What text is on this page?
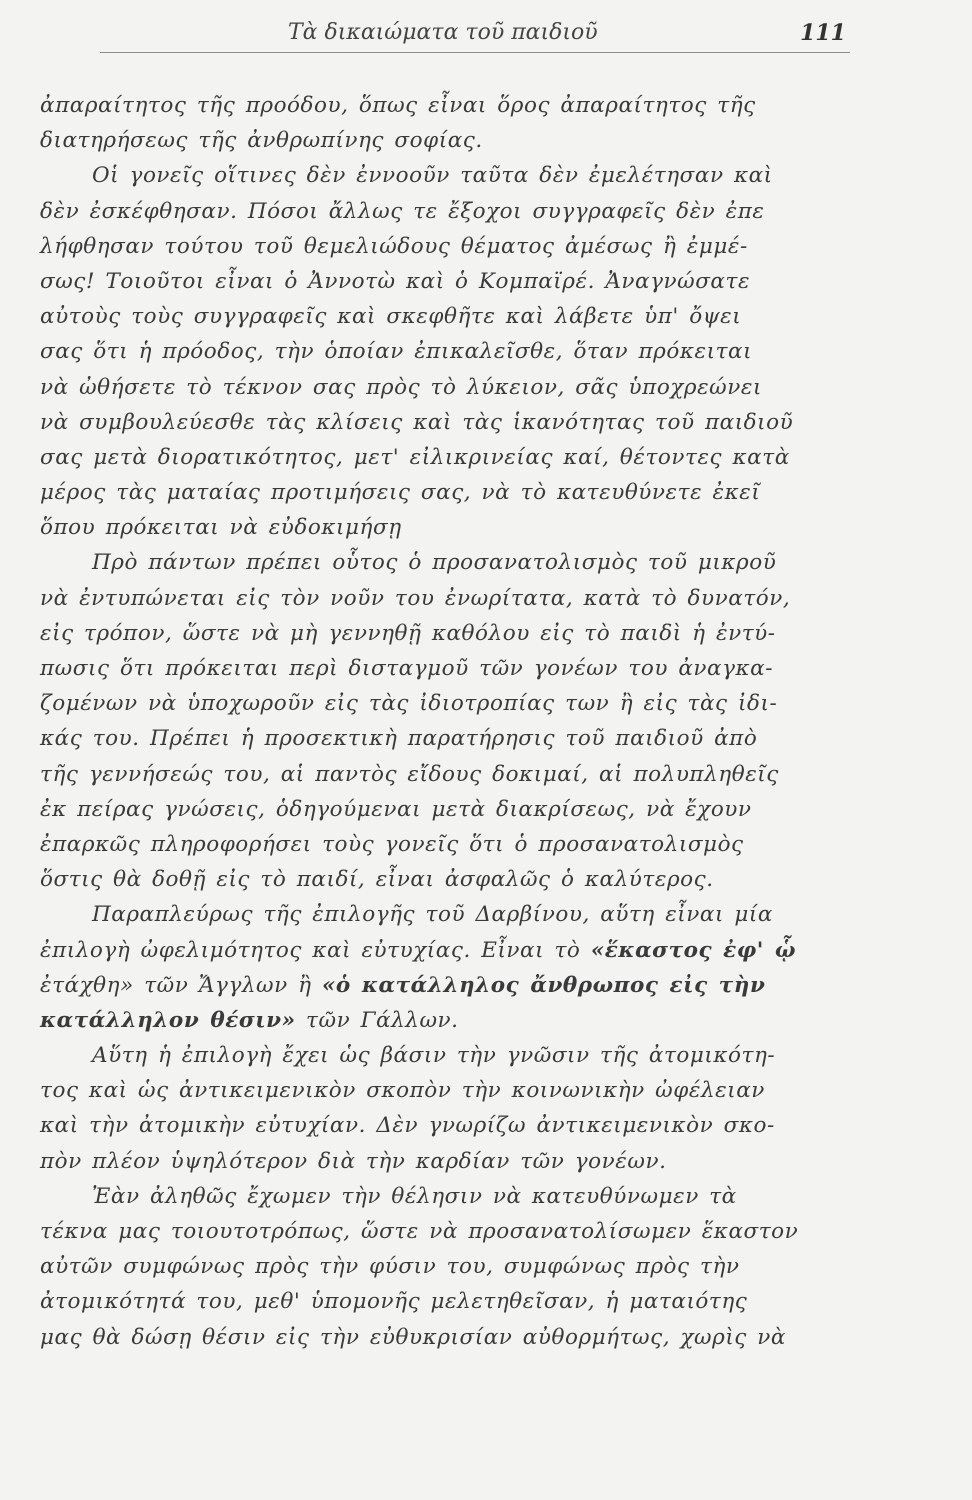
Τὰ δικαιώματα τοῦ παιδιοῦ	111
ἀπαραίτητος τῆς προόδου, ὅπως εἶναι ὅρος ἀπαραίτητος τῆς
διατηρήσεως τῆς ἀνθρωπίνης σοφίας.
Οἱ γονεῖς οἵτινες δὲν ἐννοοῦν ταῦτα δὲν ἐμελέτησαν καὶ
δὲν ἐσκέφθησαν. Πόσοι ἄλλως τε ἔξοχοι συγγραφεῖς δὲν ἐπε
λήφθησαν τούτου τοῦ θεμελιώδους θέματος ἀμέσως ἢ ἐμμέ-
σως! Τοιοῦτοι εἶναι ὁ Ἀννοτὼ καὶ ὁ Κομπαϊρέ. Ἀναγνώσατε
αὐτοὺς τοὺς συγγραφεῖς καὶ σκεφθῆτε καὶ λάβετε ὑπ' ὄψει
σας ὅτι ἡ πρόοδος, τὴν ὁποίαν ἐπικαλεῖσθε, ὅταν πρόκειται
νὰ ὠθήσετε τὸ τέκνον σας πρὸς τὸ λύκειον, σᾶς ὑποχρεώνει
νὰ συμβουλεύεσθε τὰς κλίσεις καὶ τὰς ἱκανότητας τοῦ παιδιοῦ
σας μετὰ διορατικότητος, μετ' εἰλικρινείας καί, θέτοντες κατὰ
μέρος τὰς ματαίας προτιμήσεις σας, νὰ τὸ κατευθύνετε ἐκεῖ
ὅπου πρόκειται νὰ εὐδοκιμήσῃ
Πρὸ πάντων πρέπει οὗτος ὁ προσανατολισμὸς τοῦ μικροῦ
νὰ ἐντυπώνεται εἰς τὸν νοῦν του ἐνωρίτατα, κατὰ τὸ δυνατόν,
εἰς τρόπον, ὥστε νὰ μὴ γεννηθῇ καθόλου εἰς τὸ παιδὶ ἡ ἐντύ-
πωσις ὅτι πρόκειται περὶ δισταγμοῦ τῶν γονέων του ἀναγκα-
ζομένων νὰ ὑποχωροῦν εἰς τὰς ἰδιοτροπίας των ἢ εἰς τὰς ἰδι-
κάς του. Πρέπει ἡ προσεκτικὴ παρατήρησις τοῦ παιδιοῦ ἀπὸ
τῆς γεννήσεώς του, αἱ παντὸς εἴδους δοκιμαί, αἱ πολυπληθεῖς
ἐκ πείρας γνώσεις, ὁδηγούμεναι μετὰ διακρίσεως, νὰ ἔχουν
ἐπαρκῶς πληροφορήσει τοὺς γονεῖς ὅτι ὁ προσανατολισμὸς
ὅστις θὰ δοθῇ εἰς τὸ παιδί, εἶναι ἀσφαλῶς ὁ καλύτερος.
Παραπλεύρως τῆς ἐπιλογῆς τοῦ Δαρβίνου, αὕτη εἶναι μία
ἐπιλογὴ ὠφελιμότητος καὶ εὐτυχίας. Εἶναι τὸ «ἕκαστος ἐφ' ᾧ
ἐτάχθη» τῶν Ἄγγλων ἢ «ὁ κατάλληλος ἄνθρωπος εἰς τὴν
κατάλληλον θέσιν» τῶν Γάλλων.
Αὕτη ἡ ἐπιλογὴ ἔχει ὡς βάσιν τὴν γνῶσιν τῆς ἀτομικότη-
τος καὶ ὡς ἀντικειμενικὸν σκοπὸν τὴν κοινωνικὴν ὠφέλειαν
καὶ τὴν ἀτομικὴν εὐτυχίαν. Δὲν γνωρίζω ἀντικειμενικὸν σκο-
πὸν πλέον ὑψηλότερον διὰ τὴν καρδίαν τῶν γονέων.
Ἐὰν ἀληθῶς ἔχωμεν τὴν θέλησιν νὰ κατευθύνωμεν τὰ
τέκνα μας τοιουτοτρόπως, ὥστε νὰ προσανατολίσωμεν ἕκαστον
αὐτῶν συμφώνως πρὸς τὴν φύσιν του, συμφώνως πρὸς τὴν
ἀτομικότητά του, μεθ' ὑπομονῆς μελετηθεῖσαν, ἡ ματαιότης
μας θὰ δώσῃ θέσιν εἰς τὴν εὐθυκρισίαν αὐθορμήτως, χωρὶς νὰ
